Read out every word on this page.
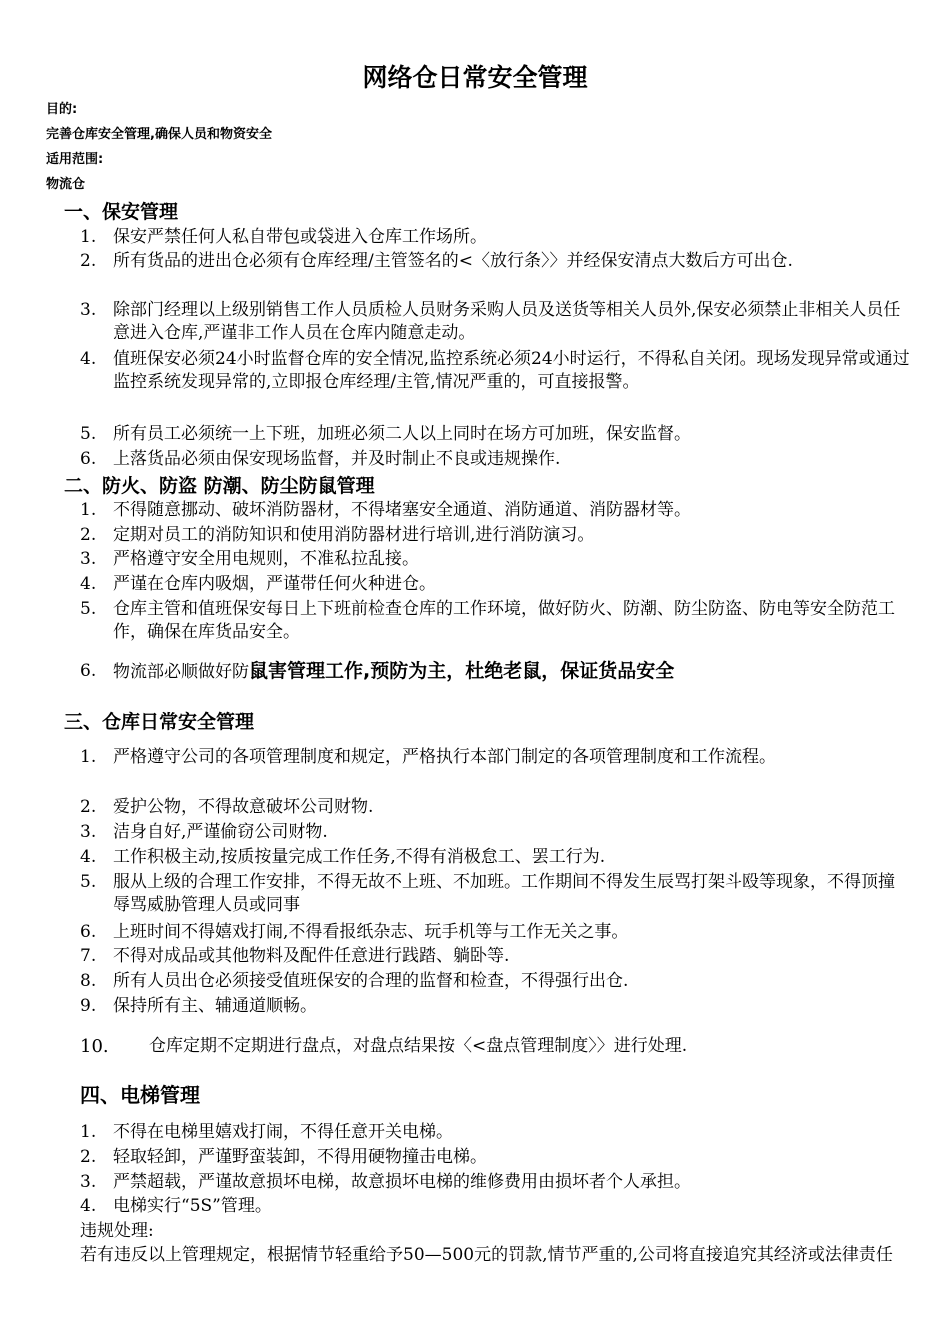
网络仓日常安全管理
目的:
完善仓库安全管理,确保人员和物资安全
适用范围:
物流仓
一、保安管理
1. 保安严禁任何人私自带包或袋进入仓库工作场所。
2. 所有货品的进出仓必须有仓库经理/主管签名的<〈放行条〉〉并经保安清点大数后方可出仓.
3. 除部门经理以上级别销售工作人员质检人员财务采购人员及送货等相关人员外,保安必须禁止非相关人员任意进入仓库,严谨非工作人员在仓库内随意走动。
4. 值班保安必须24小时监督仓库的安全情况,监控系统必须24小时运行，不得私自关闭。现场发现异常或通过监控系统发现异常的,立即报仓库经理/主管,情况严重的，可直接报警。
5. 所有员工必须统一上下班，加班必须二人以上同时在场方可加班，保安监督。
6. 上落货品必须由保安现场监督，并及时制止不良或违规操作.
二、防火、防盗 防潮、防尘防鼠管理
1. 不得随意挪动、破坏消防器材，不得堵塞安全通道、消防通道、消防器材等。
2. 定期对员工的消防知识和使用消防器材进行培训,进行消防演习。
3. 严格遵守安全用电规则，不准私拉乱接。
4. 严谨在仓库内吸烟，严谨带任何火种进仓。
5. 仓库主管和值班保安每日上下班前检查仓库的工作环境，做好防火、防潮、防尘防盗、防电等安全防范工作，确保在库货品安全。
6. 物流部必顺做好防鼠害管理工作,预防为主，杜绝老鼠，保证货品安全
三、仓库日常安全管理
1. 严格遵守公司的各项管理制度和规定，严格执行本部门制定的各项管理制度和工作流程。
2. 爱护公物，不得故意破坏公司财物.
3. 洁身自好,严谨偷窃公司财物.
4. 工作积极主动,按质按量完成工作任务,不得有消极怠工、罢工行为.
5. 服从上级的合理工作安排，不得无故不上班、不加班。工作期间不得发生辰骂打架斗殴等现象，不得顶撞辱骂威胁管理人员或同事
6. 上班时间不得嬉戏打闹,不得看报纸杂志、玩手机等与工作无关之事。
7. 不得对成品或其他物料及配件任意进行践踏、躺卧等.
8. 所有人员出仓必须接受值班保安的合理的监督和检查，不得强行出仓.
9. 保持所有主、辅通道顺畅。
10. 仓库定期不定期进行盘点，对盘点结果按〈<盘点管理制度〉〉进行处理.
四、电梯管理
1. 不得在电梯里嬉戏打闹，不得任意开关电梯。
2. 轻取轻卸，严谨野蛮装卸，不得用硬物撞击电梯。
3. 严禁超载，严谨故意损坏电梯，故意损坏电梯的维修费用由损坏者个人承担。
4. 电梯实行“5S”管理。
违规处理:
若有违反以上管理规定，根据情节轻重给予50—500元的罚款,情节严重的,公司将直接追究其经济或法律责任
